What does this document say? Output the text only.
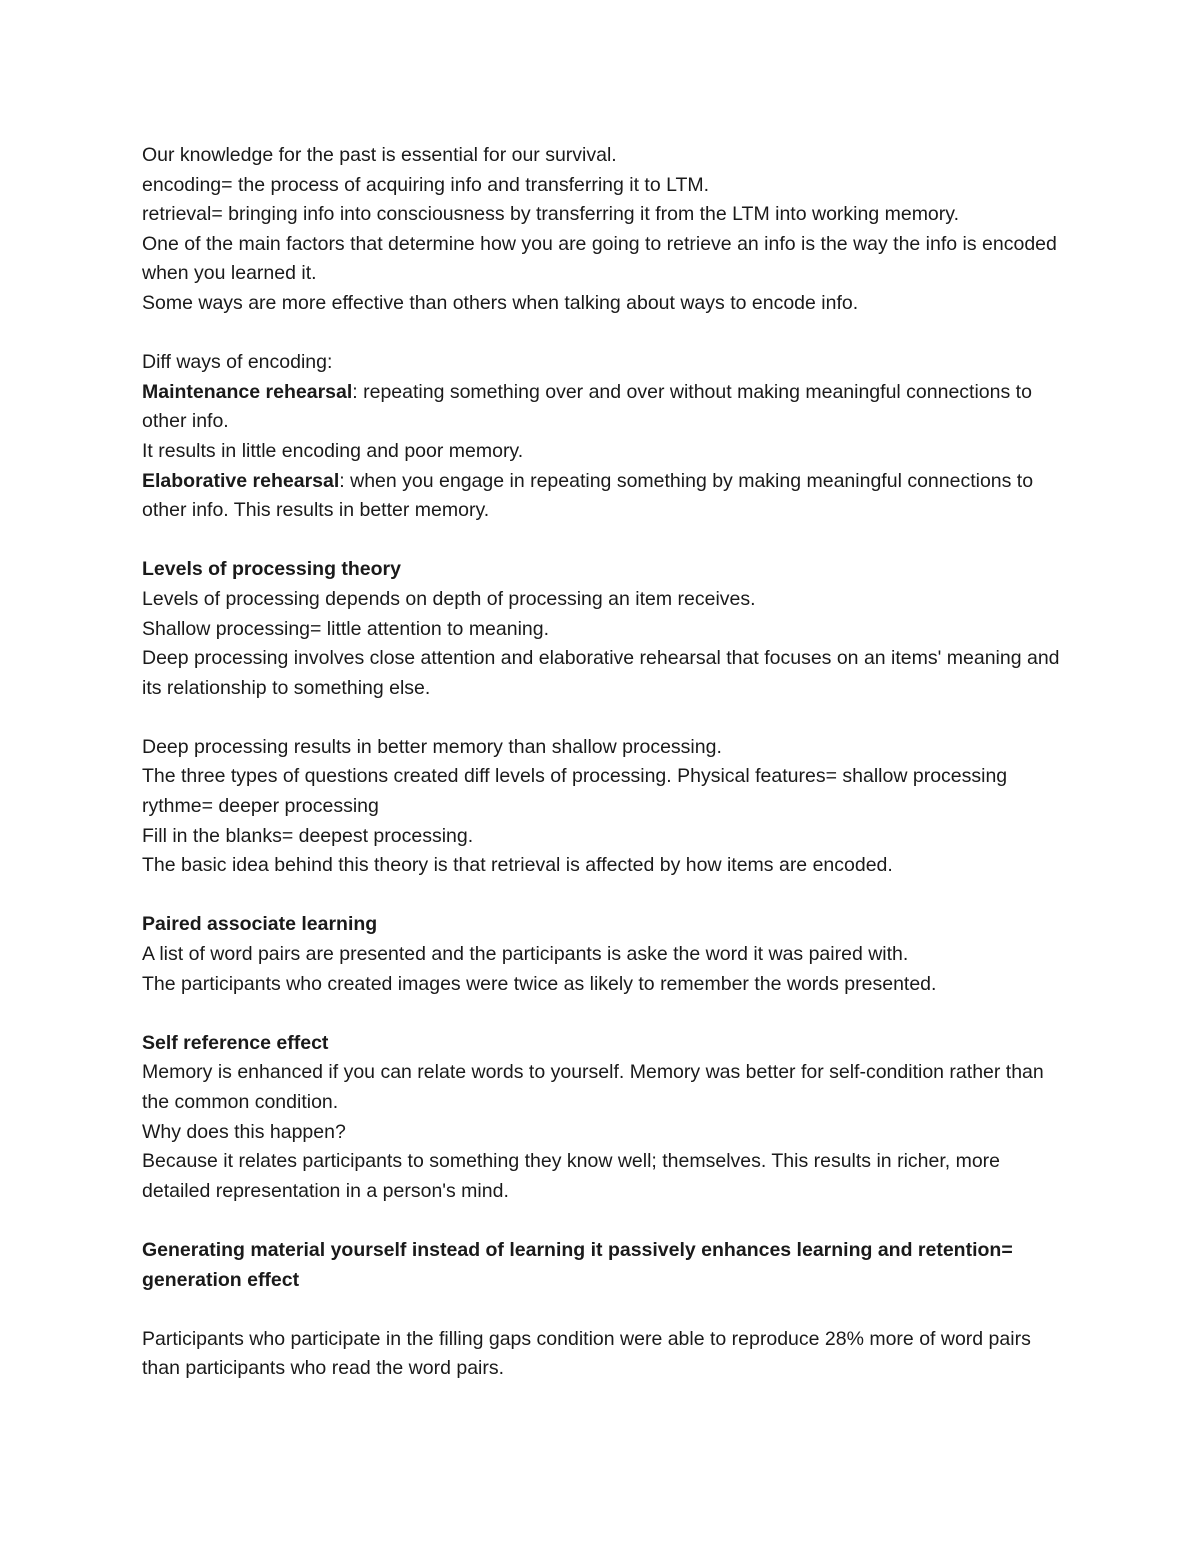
Our knowledge for the past is essential for our survival.

encoding= the process of acquiring info and transferring it to LTM.

retrieval= bringing info into consciousness by transferring it from the LTM into working memory.

One of the main factors that determine how you are going to retrieve an info is the way the info is encoded when you learned it.

Some ways are more effective than others when talking about ways to encode info.

Diff ways of encoding:

Maintenance rehearsal: repeating something over and over without making meaningful connections to other info.

It results in little encoding and poor memory.

Elaborative rehearsal: when you engage in repeating something by making meaningful connections to other info. This results in better memory.

Levels of processing theory

Levels of processing depends on depth of processing an item receives.

Shallow processing= little attention to meaning.

Deep processing involves close attention and elaborative rehearsal that focuses on an items' meaning and its relationship to something else.

Deep processing results in better memory than shallow processing.

The three types of questions created diff levels of processing. Physical features= shallow processing

rythme= deeper processing

Fill in the blanks= deepest processing.

The basic idea behind this theory is that retrieval is affected by how items are encoded.

Paired associate learning

A list of word pairs are presented and the participants is aske the word it was paired with.

The participants who created images were twice as likely to remember the words presented.

Self reference effect

Memory is enhanced if you can relate words to yourself. Memory was better for self-condition rather than the common condition.

Why does this happen?

Because it relates participants to something they know well; themselves. This results in richer, more detailed representation in a person's mind.

Generating material yourself instead of learning it passively enhances learning and retention= generation effect

Participants who participate in the filling gaps condition were able to reproduce 28% more of word pairs than participants who read the word pairs.
